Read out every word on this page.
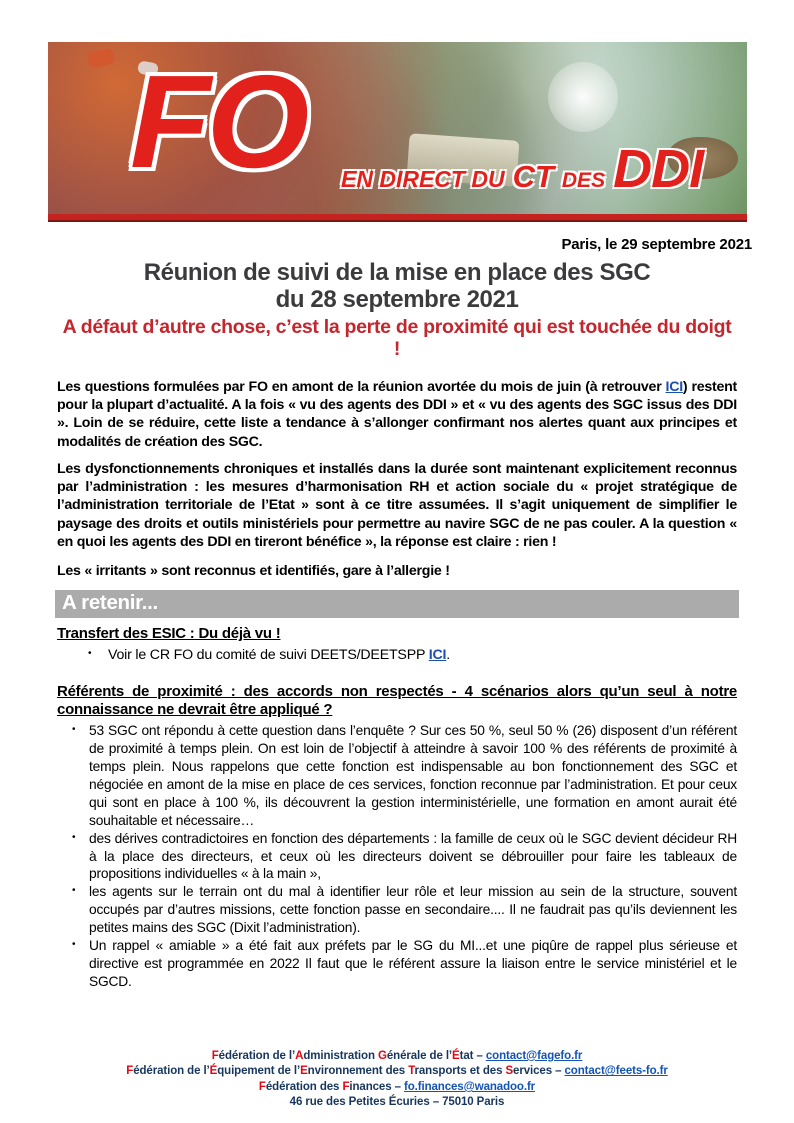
FO EN DIRECT DU CT DES DDI
Paris, le 29 septembre 2021
Réunion de suivi de la mise en place des SGC
du 28 septembre 2021
A défaut d’autre chose, c’est la perte de proximité qui est touchée du doigt !

Les questions formulées par FO en amont de la réunion avortée du mois de juin (à retrouver ICI) restent pour la plupart d’actualité. A la fois « vu des agents des DDI » et « vu des agents des SGC issus des DDI ». Loin de se réduire, cette liste a tendance à s’allonger confirmant nos alertes quant aux principes et modalités de création des SGC.

Les dysfonctionnements chroniques et installés dans la durée sont maintenant explicitement reconnus par l’administration : les mesures d’harmonisation RH et action sociale du « projet stratégique de l’administration territoriale de l’Etat » sont à ce titre assumées. Il s’agit uniquement de simplifier le paysage des droits et outils ministériels pour permettre au navire SGC de ne pas couler. A la question « en quoi les agents des DDI en tireront bénéfice », la réponse est claire : rien !

Les « irritants » sont reconnus et identifiés, gare à l’allergie !

A retenir...
Transfert des ESIC : Du déjà vu !
• Voir le CR FO du comité de suivi DEETS/DEETSPP ICI.
Référents de proximité : des accords non respectés - 4 scénarios alors qu’un seul à notre connaissance ne devrait être appliqué ?
• 53 SGC ont répondu à cette question dans l’enquête ? Sur ces 50 %, seul 50 % (26) disposent d’un référent de proximité à temps plein. On est loin de l’objectif à atteindre à savoir 100 % des référents de proximité à temps plein. Nous rappelons que cette fonction est indispensable au bon fonctionnement des SGC et négociée en amont de la mise en place de ces services, fonction reconnue par l’administration. Et pour ceux qui sont en place à 100 %, ils découvrent la gestion interministérielle, une formation en amont aurait été souhaitable et nécessaire…
• des dérives contradictoires en fonction des départements : la famille de ceux où le SGC devient décideur RH à la place des directeurs, et ceux où les directeurs doivent se débrouiller pour faire les tableaux de propositions individuelles « à la main »,
• les agents sur le terrain ont du mal à identifier leur rôle et leur mission au sein de la structure, souvent occupés par d’autres missions, cette fonction passe en secondaire.... Il ne faudrait pas qu’ils deviennent les petites mains des SGC (Dixit l’administration).
• Un rappel « amiable » a été fait aux préfets par le SG du MI...et une piqûre de rappel plus sérieuse et directive est programmée en 2022 Il faut que le référent assure la liaison entre le service ministériel et le SGCD.
Fédération de l’Administration Générale de l’État – contact@fagefo.fr
Fédération de l’Équipement de l’Environnement des Transports et des Services – contact@feets-fo.fr
Fédération des Finances – fo.finances@wanadoo.fr
46 rue des Petites Écuries – 75010 Paris
